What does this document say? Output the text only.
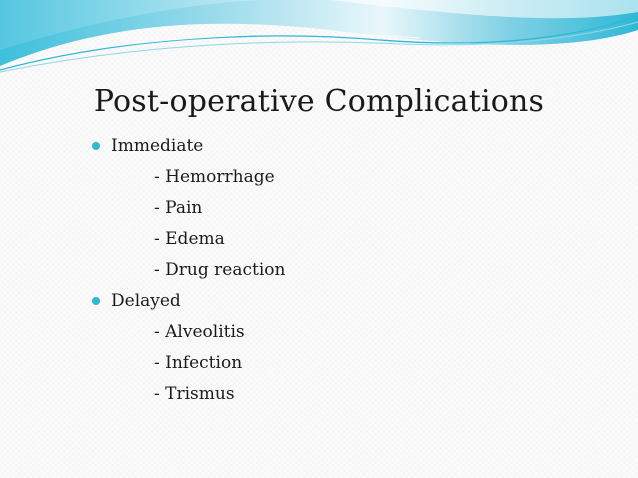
Post-operative Complications
Immediate
- Hemorrhage
- Pain
- Edema
- Drug reaction
Delayed
- Alveolitis
- Infection
- Trismus
